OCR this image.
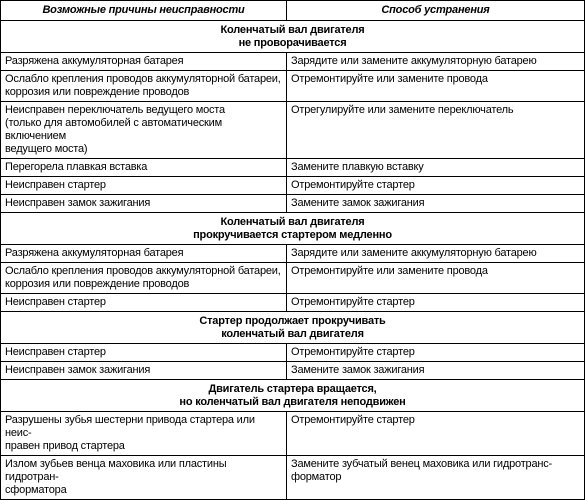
Возможные причины неисправности	Способ устранения

Коленчатый вал двигателя
не проворачивается	

Разряжена аккумуляторная батарея	Зарядите или замените аккумуляторную батарею

Ослабло крепления проводов аккумуляторной батареи,
коррозия или повреждение проводов	Отремонтируйте или замените провода

Неисправен переключатель ведущего моста
(только для автомобилей с автоматическим включением
ведущего моста)	Отрегулируйте или замените переключатель

Перегорела плавкая вставка	Замените плавкую вставку

Неисправен стартер	Отремонтируйте стартер

Неисправен замок зажигания	Замените замок зажигания

Коленчатый вал двигателя
прокручивается стартером медленно	

Разряжена аккумуляторная батарея	Зарядите или замените аккумуляторную батарею

Ослабло крепления проводов аккумуляторной батареи,
коррозия или повреждение проводов	Отремонтируйте или замените провода

Неисправен стартер	Отремонтируйте стартер

Стартер продолжает прокручивать
коленчатый вал двигателя	

Неисправен стартер	Отремонтируйте стартер

Неисправен замок зажигания	Замените замок зажигания

Двигатель стартера вращается,
но коленчатый вал двигателя неподвижен	

Разрушены зубья шестерни привода стартера или неис-
правен привод стартера	Отремонтируйте стартер

Излом зубьев венца маховика или пластины гидротран-
сформатора	Замените зубчатый венец маховика или гидротранс-
форматор
